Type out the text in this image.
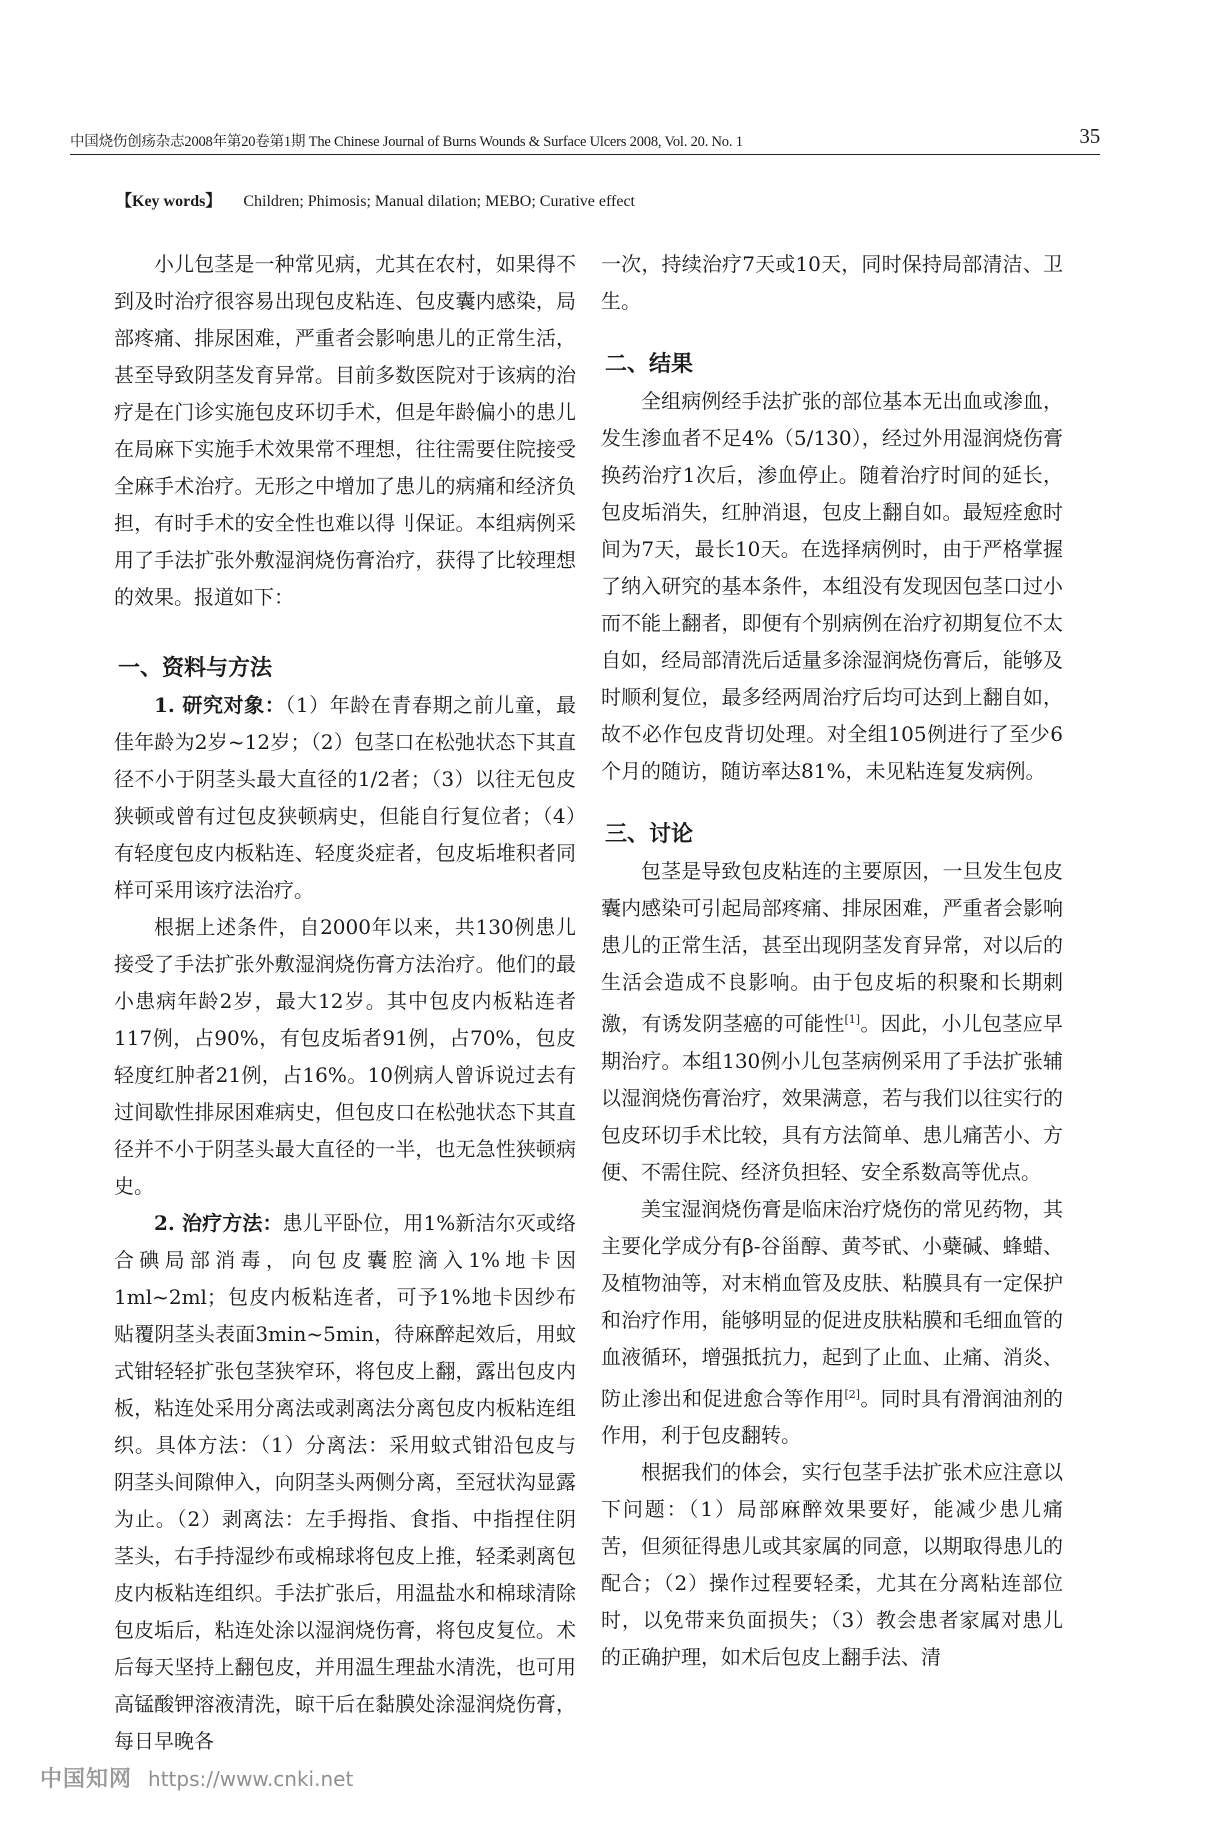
中国烧伤创疡杂志2008年第20卷第1期 The Chinese Journal of Burns Wounds & Surface Ulcers 2008, Vol. 20. No. 1	35
【Key words】 Children; Phimosis; Manual dilation; MEBO; Curative effect

小儿包茎是一种常见病，尤其在农村，如果得不到及时治疗很容易出现包皮粘连、包皮囊内感染，局部疼痛、排尿困难，严重者会影响患儿的正常生活，甚至导致阴茎发育异常。目前多数医院对于该病的治疗是在门诊实施包皮环切手术，但是年龄偏小的患儿在局麻下实施手术效果常不理想，往往需要住院接受全麻手术治疗。无形之中增加了患儿的病痛和经济负担，有时手术的安全性也难以得刂保证。本组病例采用了手法扩张外敷湿润烧伤膏治疗，获得了比较理想的效果。报道如下：

一、资料与方法

1. 研究对象：（1）年龄在青春期之前儿童，最佳年龄为2岁~12岁；（2）包茎口在松弛状态下其直径不小于阴茎头最大直径的1/2者；（3）以往无包皮狭顿或曾有过包皮狭顿病史，但能自行复位者；（4）有轻度包皮内板粘连、轻度炎症者，包皮垢堆积者同样可采用该疗法治疗。

根据上述条件，自2000年以来，共130例患儿接受了手法扩张外敷湿润烧伤膏方法治疗。他们的最小患病年龄2岁，最大12岁。其中包皮内板粘连者117例，占90%，有包皮垢者91例，占70%，包皮轻度红肿者21例，占16%。10例病人曾诉说过去有过间歇性排尿困难病史，但包皮口在松弛状态下其直径并不小于阴茎头最大直径的一半，也无急性狭顿病史。

2. 治疗方法：患儿平卧位，用1%新洁尔灭或络合碘局部消毒，向包皮囊腔滴入1%地卡因1ml~2ml；包皮内板粘连者，可予1%地卡因纱布贴覆阴茎头表面3min~5min，待麻醉起效后，用蚊式钳轻轻扩张包茎狭窄环，将包皮上翻，露出包皮内板，粘连处采用分离法或剥离法分离包皮内板粘连组织。具体方法：（1）分离法：采用蚊式钳沿包皮与阴茎头间隙伸入，向阴茎头两侧分离，至冠状沟显露为止。（2）剥离法：左手拇指、食指、中指捏住阴茎头，右手持湿纱布或棉球将包皮上推，轻柔剥离包皮内板粘连组织。手法扩张后，用温盐水和棉球清除包皮垢后，粘连处涂以湿润烧伤膏，将包皮复位。术后每天坚持上翻包皮，并用温生理盐水清洗，也可用高锰酸钾溶液清洗，晾干后在黏膜处涂湿润烧伤膏，每日早晚各

一次，持续治疗7天或10天，同时保持局部清洁、卫生。

二、结果

全组病例经手法扩张的部位基本无出血或渗血，发生渗血者不足4%（5/130），经过外用湿润烧伤膏换药治疗1次后，渗血停止。随着治疗时间的延长，包皮垢消失，红肿消退，包皮上翻自如。最短痊愈时间为7天，最长10天。在选择病例时，由于严格掌握了纳入研究的基本条件，本组没有发现因包茎口过小而不能上翻者，即便有个别病例在治疗初期复位不太自如，经局部清洗后适量多涂湿润烧伤膏后，能够及时顺利复位，最多经两周治疗后均可达到上翻自如，故不必作包皮背切处理。对全组105例进行了至少6个月的随访，随访率达81%，未见粘连复发病例。

三、讨论

包茎是导致包皮粘连的主要原因，一旦发生包皮囊内感染可引起局部疼痛、排尿困难，严重者会影响患儿的正常生活，甚至出现阴茎发育异常，对以后的生活会造成不良影响。由于包皮垢的积聚和长期刺激，有诱发阴茎癌的可能性[1]。因此，小儿包茎应早期治疗。本组130例小儿包茎病例采用了手法扩张辅以湿润烧伤膏治疗，效果满意，若与我们以往实行的包皮环切手术比较，具有方法简单、患儿痛苦小、方便、不需住院、经济负担轻、安全系数高等优点。

美宝湿润烧伤膏是临床治疗烧伤的常见药物，其主要化学成分有β-谷甾醇、黄芩甙、小蘗碱、蜂蜡、及植物油等，对末梢血管及皮肤、粘膜具有一定保护和治疗作用，能够明显的促进皮肤粘膜和毛细血管的血液循环，增强抵抗力，起到了止血、止痛、消炎、防止渗出和促进愈合等作用[2]。同时具有滑润油剂的作用，利于包皮翻转。

根据我们的体会，实行包茎手法扩张术应注意以下问题：（1）局部麻醉效果要好，能减少患儿痛苦，但须征得患儿或其家属的同意，以期取得患儿的配合；（2）操作过程要轻柔，尤其在分离粘连部位时，以免带来负面损失；（3）教会患者家属对患儿的正确护理，如术后包皮上翻手法、清

中国知网 https://www.cnki.net
